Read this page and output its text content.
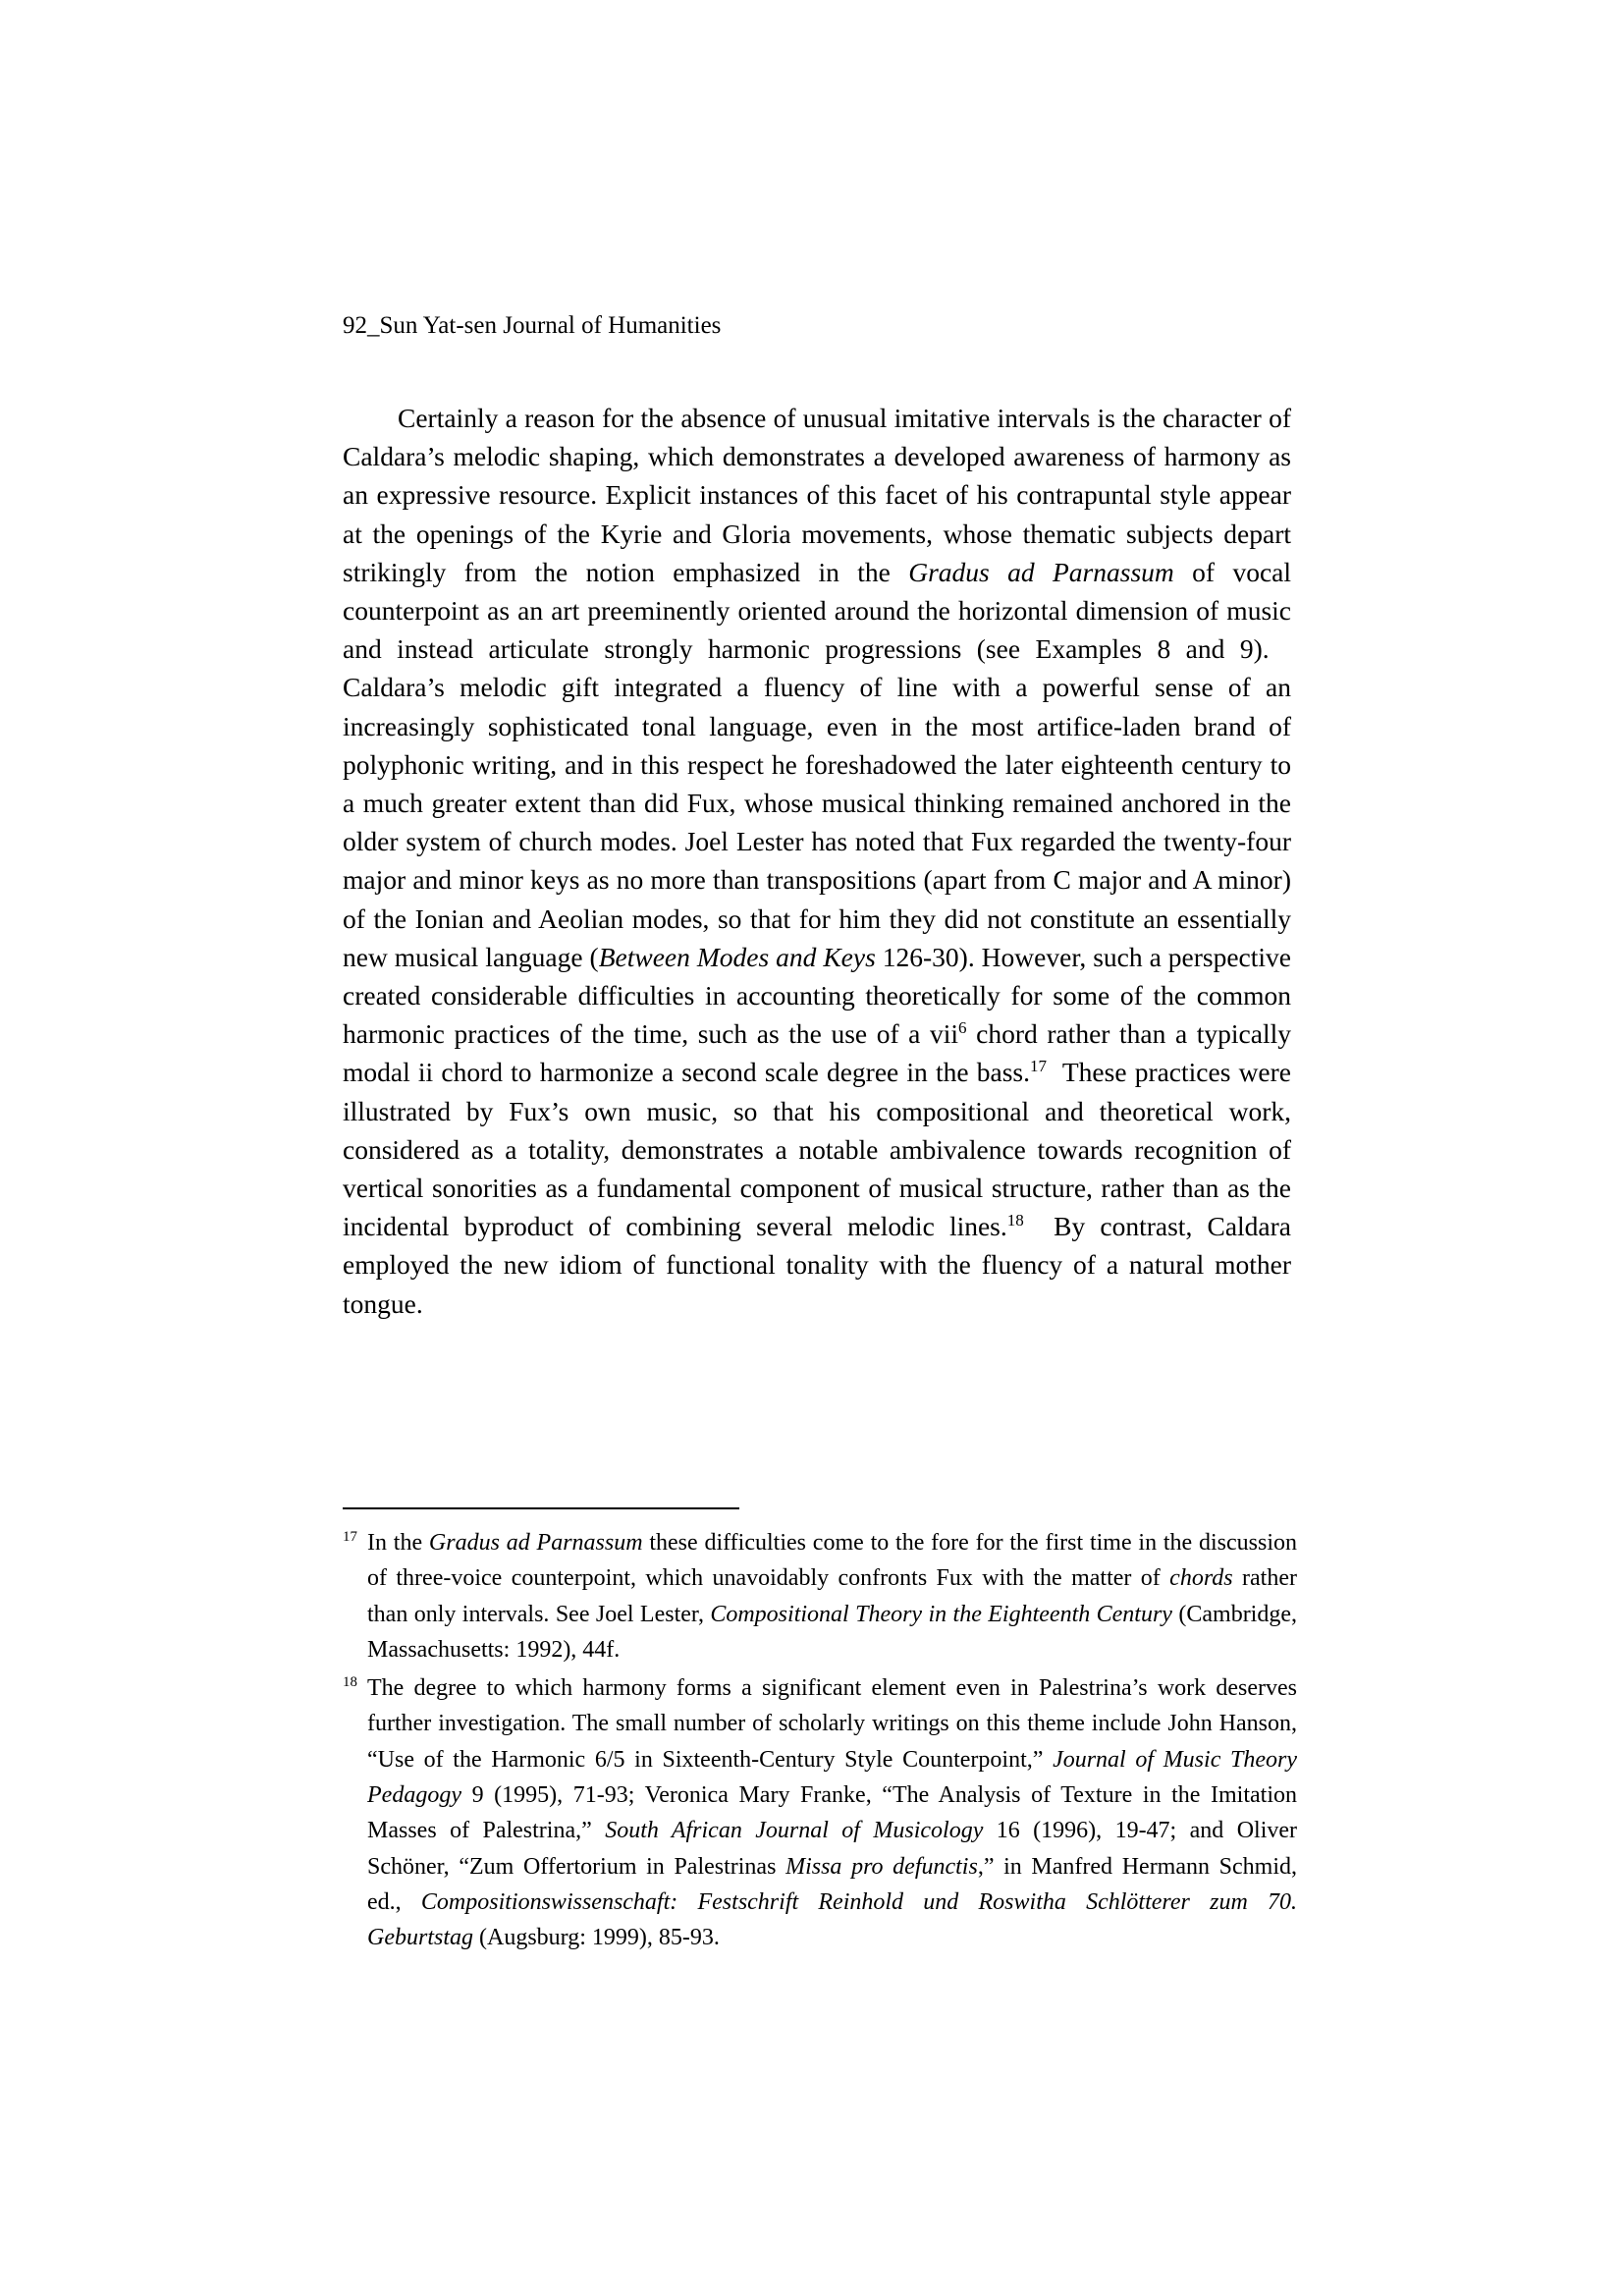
92_Sun Yat-sen Journal of Humanities

Certainly a reason for the absence of unusual imitative intervals is the character of Caldara’s melodic shaping, which demonstrates a developed awareness of harmony as an expressive resource. Explicit instances of this facet of his contrapuntal style appear at the openings of the Kyrie and Gloria movements, whose thematic subjects depart strikingly from the notion emphasized in the Gradus ad Parnassum of vocal counterpoint as an art preeminently oriented around the horizontal dimension of music and instead articulate strongly harmonic progressions (see Examples 8 and 9).   Caldara’s melodic gift integrated a fluency of line with a powerful sense of an increasingly sophisticated tonal language, even in the most artifice-laden brand of polyphonic writing, and in this respect he foreshadowed the later eighteenth century to a much greater extent than did Fux, whose musical thinking remained anchored in the older system of church modes. Joel Lester has noted that Fux regarded the twenty-four major and minor keys as no more than transpositions (apart from C major and A minor) of the Ionian and Aeolian modes, so that for him they did not constitute an essentially new musical language (Between Modes and Keys 126-30). However, such a perspective created considerable difficulties in accounting theoretically for some of the common harmonic practices of the time, such as the use of a vii$^6$ chord rather than a typically modal ii chord to harmonize a second scale degree in the bass.$^{17}$  These practices were illustrated by Fux’s own music, so that his compositional and theoretical work, considered as a totality, demonstrates a notable ambivalence towards recognition of vertical sonorities as a fundamental component of musical structure, rather than as the incidental byproduct of combining several melodic lines.$^{18}$  By contrast, Caldara employed the new idiom of functional tonality with the fluency of a natural mother tongue.

17 In the Gradus ad Parnassum these difficulties come to the fore for the first time in the discussion of three-voice counterpoint, which unavoidably confronts Fux with the matter of chords rather than only intervals. See Joel Lester, Compositional Theory in the Eighteenth Century (Cambridge, Massachusetts: 1992), 44f.

18 The degree to which harmony forms a significant element even in Palestrina’s work deserves further investigation. The small number of scholarly writings on this theme include John Hanson, “Use of the Harmonic 6/5 in Sixteenth-Century Style Counterpoint,” Journal of Music Theory Pedagogy 9 (1995), 71-93; Veronica Mary Franke, “The Analysis of Texture in the Imitation Masses of Palestrina,” South African Journal of Musicology 16 (1996), 19-47; and Oliver Schöner, “Zum Offertorium in Palestrinas Missa pro defunctis,” in Manfred Hermann Schmid, ed., Compositionswissenschaft: Festschrift Reinhold und Roswitha Schlötterer zum 70. Geburtstag (Augsburg: 1999), 85-93.
